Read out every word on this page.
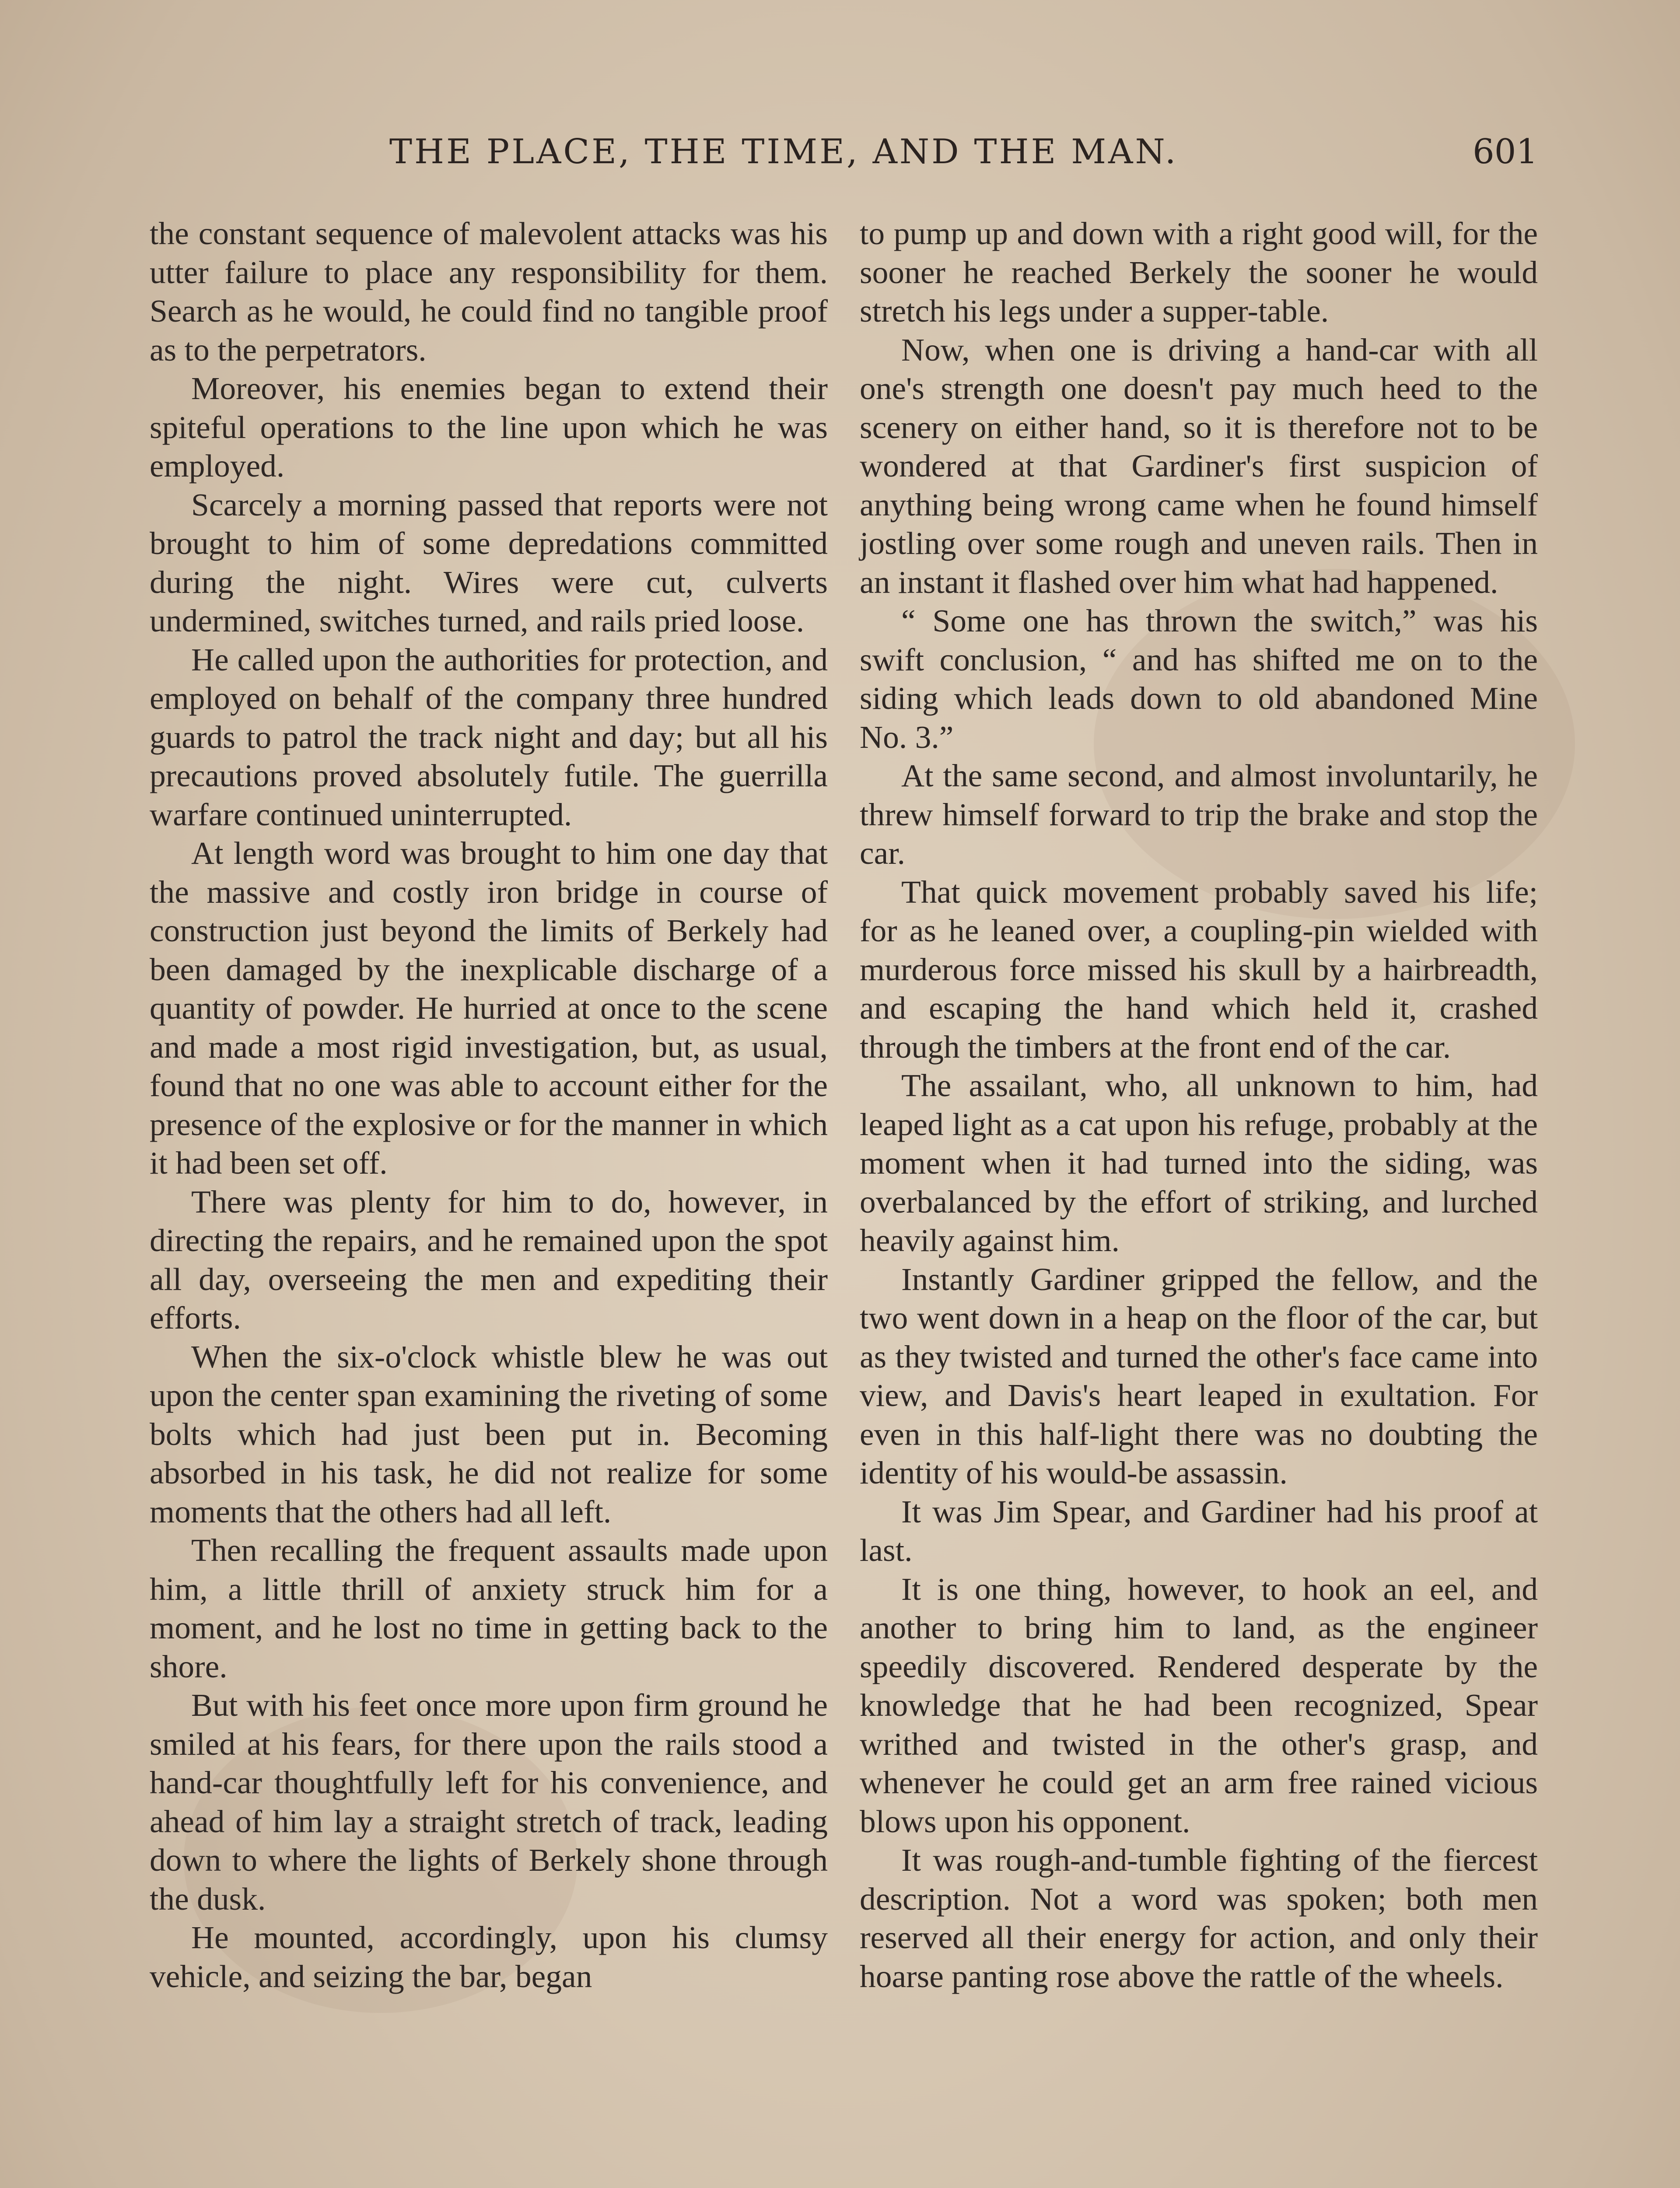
THE PLACE, THE TIME, AND THE MAN.	601

the constant sequence of malevolent attacks was his utter failure to place any responsibility for them. Search as he would, he could find no tangible proof as to the perpetrators.

Moreover, his enemies began to extend their spiteful operations to the line upon which he was employed.

Scarcely a morning passed that reports were not brought to him of some depredations committed during the night. Wires were cut, culverts undermined, switches turned, and rails pried loose.

He called upon the authorities for protection, and employed on behalf of the company three hundred guards to patrol the track night and day; but all his precautions proved absolutely futile. The guerrilla warfare continued uninterrupted.

At length word was brought to him one day that the massive and costly iron bridge in course of construction just beyond the limits of Berkely had been damaged by the inexplicable discharge of a quantity of powder. He hurried at once to the scene and made a most rigid investigation, but, as usual, found that no one was able to account either for the presence of the explosive or for the manner in which it had been set off.

There was plenty for him to do, however, in directing the repairs, and he remained upon the spot all day, overseeing the men and expediting their efforts.

When the six-o'clock whistle blew he was out upon the center span examining the riveting of some bolts which had just been put in. Becoming absorbed in his task, he did not realize for some moments that the others had all left.

Then recalling the frequent assaults made upon him, a little thrill of anxiety struck him for a moment, and he lost no time in getting back to the shore.

But with his feet once more upon firm ground he smiled at his fears, for there upon the rails stood a hand-car thoughtfully left for his convenience, and ahead of him lay a straight stretch of track, leading down to where the lights of Berkely shone through the dusk.

He mounted, accordingly, upon his clumsy vehicle, and seizing the bar, began

to pump up and down with a right good will, for the sooner he reached Berkely the sooner he would stretch his legs under a supper-table.

Now, when one is driving a hand-car with all one's strength one doesn't pay much heed to the scenery on either hand, so it is therefore not to be wondered at that Gardiner's first suspicion of anything being wrong came when he found himself jostling over some rough and uneven rails. Then in an instant it flashed over him what had happened.

“ Some one has thrown the switch,” was his swift conclusion, “ and has shifted me on to the siding which leads down to old abandoned Mine No. 3.”

At the same second, and almost involuntarily, he threw himself forward to trip the brake and stop the car.

That quick movement probably saved his life; for as he leaned over, a coupling-pin wielded with murderous force missed his skull by a hairbreadth, and escaping the hand which held it, crashed through the timbers at the front end of the car.

The assailant, who, all unknown to him, had leaped light as a cat upon his refuge, probably at the moment when it had turned into the siding, was overbalanced by the effort of striking, and lurched heavily against him.

Instantly Gardiner gripped the fellow, and the two went down in a heap on the floor of the car, but as they twisted and turned the other's face came into view, and Davis's heart leaped in exultation. For even in this half-light there was no doubting the identity of his would-be assassin.

It was Jim Spear, and Gardiner had his proof at last.

It is one thing, however, to hook an eel, and another to bring him to land, as the engineer speedily discovered. Rendered desperate by the knowledge that he had been recognized, Spear writhed and twisted in the other's grasp, and whenever he could get an arm free rained vicious blows upon his opponent.

It was rough-and-tumble fighting of the fiercest description. Not a word was spoken; both men reserved all their energy for action, and only their hoarse panting rose above the rattle of the wheels.
